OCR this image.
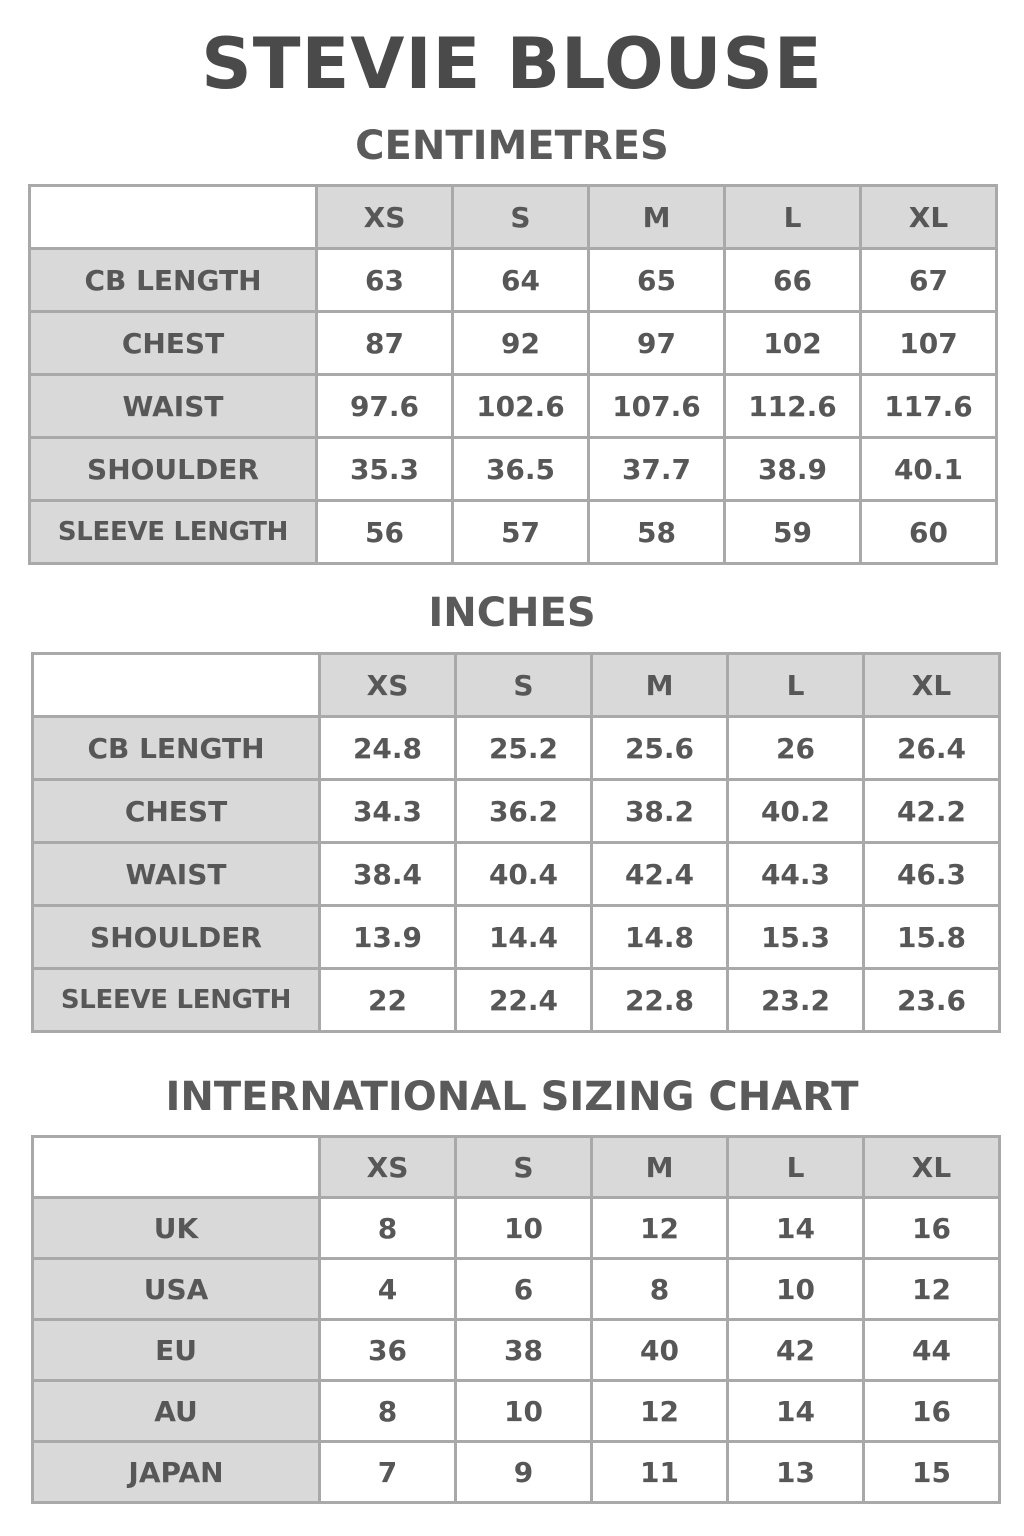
STEVIE BLOUSE
CENTIMETRES
	XS	S	M	L	XL
CB LENGTH	63	64	65	66	67
CHEST	87	92	97	102	107
WAIST	97.6	102.6	107.6	112.6	117.6
SHOULDER	35.3	36.5	37.7	38.9	40.1
SLEEVE LENGTH	56	57	58	59	60
INCHES
	XS	S	M	L	XL
CB LENGTH	24.8	25.2	25.6	26	26.4
CHEST	34.3	36.2	38.2	40.2	42.2
WAIST	38.4	40.4	42.4	44.3	46.3
SHOULDER	13.9	14.4	14.8	15.3	15.8
SLEEVE LENGTH	22	22.4	22.8	23.2	23.6
INTERNATIONAL SIZING CHART
	XS	S	M	L	XL
UK	8	10	12	14	16
USA	4	6	8	10	12
EU	36	38	40	42	44
AU	8	10	12	14	16
JAPAN	7	9	11	13	15
